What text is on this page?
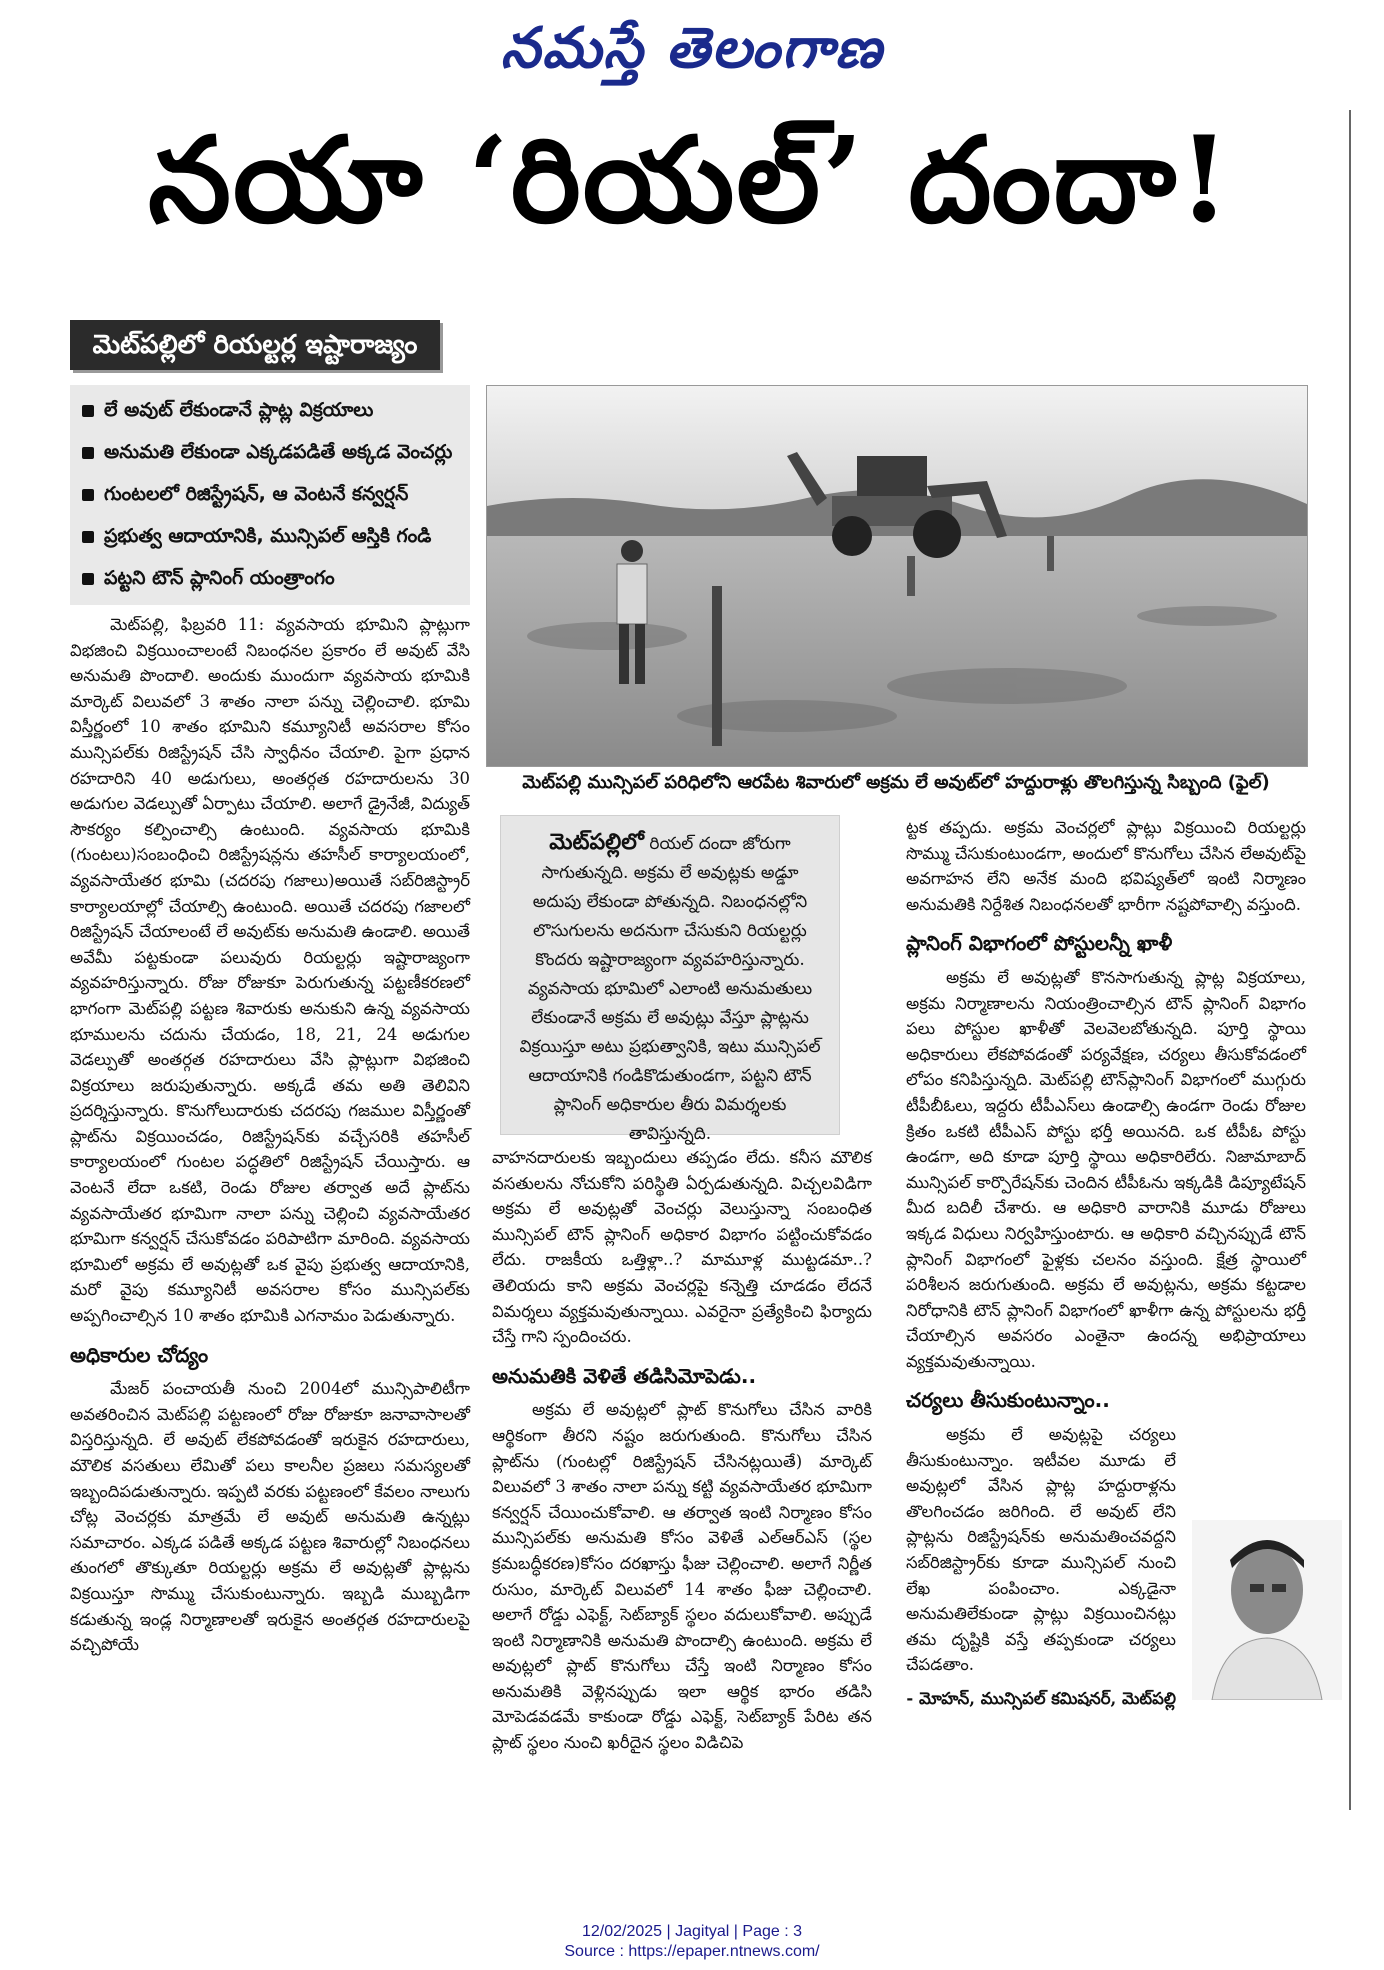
నమస్తే తెలంగాణ
నయా ‘రియల్’ దందా!
మెట్‌పల్లిలో రియల్టర్ల ఇష్టారాజ్యం
లే అవుట్ లేకుండానే ప్లాట్ల విక్రయాలు
అనుమతి లేకుండా ఎక్కడపడితే అక్కడ వెంచర్లు
గుంటలలో రిజిస్ట్రేషన్, ఆ వెంటనే కన్వర్షన్
ప్రభుత్వ ఆదాయానికి, మున్సిపల్ ఆస్తికి గండి
పట్టని టౌన్ ప్లానింగ్ యంత్రాంగం
మెట్‌పల్లి మున్సిపల్ పరిధిలోని ఆరపేట శివారులో అక్రమ లే అవుట్‌లో హద్దురాళ్లు తొలగిస్తున్న సిబ్బంది (ఫైల్)

మెట్‌పల్లి, ఫిబ్రవరి 11: వ్యవసాయ భూమిని ప్లాట్లుగా విభజించి విక్రయించాలంటే నిబంధనల ప్రకారం లే అవుట్ వేసి అనుమతి పొందాలి. అందుకు ముందుగా వ్యవసాయ భూమికి మార్కెట్ విలువలో 3 శాతం నాలా పన్ను చెల్లించాలి. భూమి విస్తీర్ణంలో 10 శాతం భూమిని కమ్యూనిటీ అవసరాల కోసం మున్సిపల్‌కు రిజిస్ట్రేషన్ చేసి స్వాధీనం చేయాలి. పైగా ప్రధాన రహదారిని 40 అడుగులు, అంతర్గత రహదారులను 30 అడుగుల వెడల్పుతో ఏర్పాటు చేయాలి. అలాగే డ్రైనేజీ, విద్యుత్ సౌకర్యం కల్పించాల్సి ఉంటుంది. వ్యవసాయ భూమికి (గుంటలు)సంబంధించి రిజిస్ట్రేషన్లను తహసీల్ కార్యాలయంలో, వ్యవసాయేతర భూమి (చదరపు గజాలు)అయితే సబ్‌రిజిస్ట్రార్ కార్యాలయాల్లో చేయాల్సి ఉంటుంది. అయితే చదరపు గజాలలో రిజిస్ట్రేషన్ చేయాలంటే లే అవుట్‌కు అనుమతి ఉండాలి. అయితే అవేమీ పట్టకుండా పలువురు రియల్టర్లు ఇష్టారాజ్యంగా వ్యవహరిస్తున్నారు. రోజు రోజుకూ పెరుగుతున్న పట్టణీకరణలో భాగంగా మెట్‌పల్లి పట్టణ శివారుకు అనుకుని ఉన్న వ్యవసాయ భూములను చదును చేయడం, 18, 21, 24 అడుగుల వెడల్పుతో అంతర్గత రహదారులు వేసి ప్లాట్లుగా విభజించి విక్రయాలు జరుపుతున్నారు. అక్కడే తమ అతి తెలివిని ప్రదర్శిస్తున్నారు. కొనుగోలుదారుకు చదరపు గజముల విస్తీర్ణంతో ప్లాట్‌ను విక్రయించడం, రిజిస్ట్రేషన్‌కు వచ్చేసరికి తహసీల్ కార్యాలయంలో గుంటల పద్ధతిలో రిజిస్ట్రేషన్ చేయిస్తారు. ఆ వెంటనే లేదా ఒకటి, రెండు రోజుల తర్వాత అదే ప్లాట్‌ను వ్యవసాయేతర భూమిగా నాలా పన్ను చెల్లించి వ్యవసాయేతర భూమిగా కన్వర్షన్ చేసుకోవడం పరిపాటిగా మారింది. వ్యవసాయ భూమిలో అక్రమ లే అవుట్లతో ఒక వైపు ప్రభుత్వ ఆదాయానికి, మరో వైపు కమ్యూనిటీ అవసరాల కోసం మున్సిపల్‌కు అప్పగించాల్సిన 10 శాతం భూమికి ఎగనామం పెడుతున్నారు.

అధికారుల చోద్యం

మేజర్ పంచాయతీ నుంచి 2004లో మున్సిపాలిటీగా అవతరించిన మెట్‌పల్లి పట్టణంలో రోజు రోజుకూ జనావాసాలతో విస్తరిస్తున్నది. లే అవుట్ లేకపోవడంతో ఇరుకైన రహదారులు, మౌలిక వసతులు లేమితో పలు కాలనీల ప్రజలు సమస్యలతో ఇబ్బందిపడుతున్నారు. ఇప్పటి వరకు పట్టణంలో కేవలం నాలుగు చోట్ల వెంచర్లకు మాత్రమే లే అవుట్ అనుమతి ఉన్నట్లు సమాచారం. ఎక్కడ పడితే అక్కడ పట్టణ శివారుల్లో నిబంధనలు తుంగలో తొక్కుతూ రియల్టర్లు అక్రమ లే అవుట్లతో ప్లాట్లను విక్రయిస్తూ సొమ్ము చేసుకుంటున్నారు. ఇబ్బడి ముబ్బడిగా కడుతున్న ఇండ్ల నిర్మాణాలతో ఇరుకైన అంతర్గత రహదారులపై వచ్చిపోయే

మెట్‌పల్లిలో రియల్ దందా జోరుగా సాగుతున్నది. అక్రమ లే అవుట్లకు అడ్డూ అదుపు లేకుండా పోతున్నది. నిబంధనల్లోని లొసుగులను అదనుగా చేసుకుని రియల్టర్లు కొందరు ఇష్టారాజ్యంగా వ్యవహరిస్తున్నారు. వ్యవసాయ భూమిలో ఎలాంటి అనుమతులు లేకుండానే అక్రమ లే అవుట్లు వేస్తూ ప్లాట్లను విక్రయిస్తూ అటు ప్రభుత్వానికి, ఇటు మున్సిపల్ ఆదాయానికి గండికొడుతుండగా, పట్టని టౌన్ ప్లానింగ్ అధికారుల తీరు విమర్శలకు తావిస్తున్నది.

వాహనదారులకు ఇబ్బందులు తప్పడం లేదు. కనీస మౌలిక వసతులను నోచుకోని పరిస్థితి ఏర్పడుతున్నది. విచ్చలవిడిగా అక్రమ లే అవుట్లతో వెంచర్లు వెలుస్తున్నా సంబంధిత మున్సిపల్ టౌన్ ప్లానింగ్ అధికార విభాగం పట్టించుకోవడం లేదు. రాజకీయ ఒత్తిళ్లా..? మామూళ్ల ముట్టడమా..? తెలియదు కాని అక్రమ వెంచర్లపై కన్నెత్తి చూడడం లేదనే విమర్శలు వ్యక్తమవుతున్నాయి. ఎవరైనా ప్రత్యేకించి ఫిర్యాదు చేస్తే గాని స్పందించరు.

అనుమతికి వెళితే తడిసిమోపెడు..

అక్రమ లే అవుట్లలో ప్లాట్ కొనుగోలు చేసిన వారికి ఆర్థికంగా తీరని నష్టం జరుగుతుంది. కొనుగోలు చేసిన ప్లాట్‌ను (గుంటల్లో రిజిస్ట్రేషన్ చేసినట్లయితే) మార్కెట్ విలువలో 3 శాతం నాలా పన్ను కట్టి వ్యవసాయేతర భూమిగా కన్వర్షన్ చేయించుకోవాలి. ఆ తర్వాత ఇంటి నిర్మాణం కోసం మున్సిపల్‌కు అనుమతి కోసం వెళితే ఎల్‌ఆర్‌ఎస్ (స్థల క్రమబద్ధీకరణ)కోసం దరఖాస్తు ఫీజు చెల్లించాలి. అలాగే నిర్ణీత రుసుం, మార్కెట్ విలువలో 14 శాతం ఫీజు చెల్లించాలి. అలాగే రోడ్డు ఎఫెక్ట్, సెట్‌బ్యాక్ స్థలం వదులుకోవాలి. అప్పుడే ఇంటి నిర్మాణానికి అనుమతి పొందాల్సి ఉంటుంది. అక్రమ లే అవుట్లలో ప్లాట్ కొనుగోలు చేస్తే ఇంటి నిర్మాణం కోసం అనుమతికి వెళ్లినప్పుడు ఇలా ఆర్థిక భారం తడిసి మోపెడవడమే కాకుండా రోడ్డు ఎఫెక్ట్, సెట్‌బ్యాక్ పేరిట తన ప్లాట్ స్థలం నుంచి ఖరీదైన స్థలం విడిచిపె

ట్టక తప్పదు. అక్రమ వెంచర్లలో ప్లాట్లు విక్రయించి రియల్టర్లు సొమ్ము చేసుకుంటుండగా, అందులో కొనుగోలు చేసిన లేఅవుట్‌పై అవగాహన లేని అనేక మంది భవిష్యత్‌లో ఇంటి నిర్మాణం అనుమతికి నిర్దేశిత నిబంధనలతో భారీగా నష్టపోవాల్సి వస్తుంది.

ప్లానింగ్ విభాగంలో పోస్టులన్నీ ఖాళీ

అక్రమ లే అవుట్లతో కొనసాగుతున్న ప్లాట్ల విక్రయాలు, అక్రమ నిర్మాణాలను నియంత్రించాల్సిన టౌన్ ప్లానింగ్ విభాగం పలు పోస్టుల ఖాళీతో వెలవెలబోతున్నది. పూర్తి స్థాయి అధికారులు లేకపోవడంతో పర్యవేక్షణ, చర్యలు తీసుకోవడంలో లోపం కనిపిస్తున్నది. మెట్‌పల్లి టౌన్‌ప్లానింగ్ విభాగంలో ముగ్గురు టీపీబీఓలు, ఇద్దరు టీపీఎస్‌లు ఉండాల్సి ఉండగా రెండు రోజుల క్రితం ఒకటి టీపీఎస్ పోస్టు భర్తీ అయినది. ఒక టీపీఓ పోస్టు ఉండగా, అది కూడా పూర్తి స్థాయి అధికారిలేరు. నిజామాబాద్ మున్సిపల్ కార్పొరేషన్‌కు చెందిన టీపీఓను ఇక్కడికి డిప్యూటేషన్ మీద బదిలీ చేశారు. ఆ అధికారి వారానికి మూడు రోజులు ఇక్కడ విధులు నిర్వహిస్తుంటారు. ఆ అధికారి వచ్చినప్పుడే టౌన్ ప్లానింగ్ విభాగంలో ఫైళ్లకు చలనం వస్తుంది. క్షేత్ర స్థాయిలో పరిశీలన జరుగుతుంది. అక్రమ లే అవుట్లను, అక్రమ కట్టడాల నిరోధానికి టౌన్ ప్లానింగ్ విభాగంలో ఖాళీగా ఉన్న పోస్టులను భర్తీ చేయాల్సిన అవసరం ఎంతైనా ఉందన్న అభిప్రాయాలు వ్యక్తమవుతున్నాయి.

చర్యలు తీసుకుంటున్నాం..

అక్రమ లే అవుట్లపై చర్యలు తీసుకుంటున్నాం. ఇటీవల మూడు లే అవుట్లలో వేసిన ప్లాట్ల హద్దురాళ్లను తొలగించడం జరిగింది. లే అవుట్ లేని ప్లాట్లను రిజిస్ట్రేషన్‌కు అనుమతించవద్దని సబ్‌రిజిస్ట్రార్‌కు కూడా మున్సిపల్ నుంచి లేఖ పంపించాం. ఎక్కడైనా అనుమతిలేకుండా ప్లాట్లు విక్రయించినట్లు తమ దృష్టికి వస్తే తప్పకుండా చర్యలు చేపడతాం.

- మోహన్, మున్సిపల్ కమిషనర్, మెట్‌పల్లి
12/02/2025 | Jagityal | Page : 3
Source : https://epaper.ntnews.com/
